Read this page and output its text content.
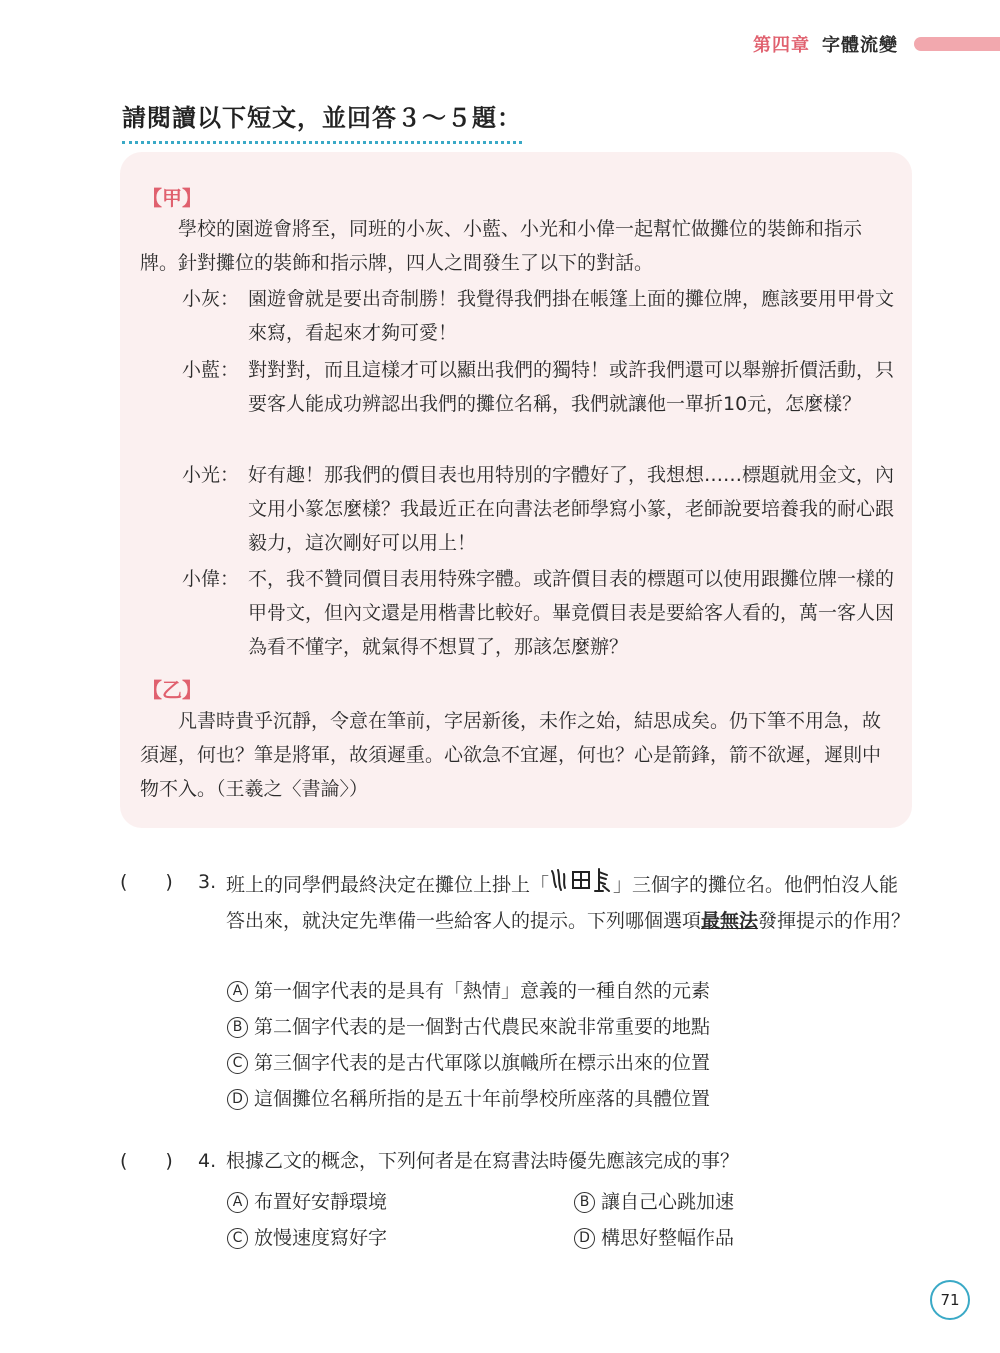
第四章 字體流變
請閱讀以下短文，並回答３～５題：
【甲】
學校的園遊會將至，同班的小灰、小藍、小光和小偉一起幫忙做攤位的裝飾和指示牌。針對攤位的裝飾和指示牌，四人之間發生了以下的對話。
小灰： 園遊會就是要出奇制勝！我覺得我們掛在帳篷上面的攤位牌，應該要用甲骨文來寫，看起來才夠可愛！
小藍： 對對對，而且這樣才可以顯出我們的獨特！或許我們還可以舉辦折價活動，只要客人能成功辨認出我們的攤位名稱，我們就讓他一單折10元，怎麼樣？
小光： 好有趣！那我們的價目表也用特別的字體好了，我想想……標題就用金文，內文用小篆怎麼樣？我最近正在向書法老師學寫小篆，老師說要培養我的耐心跟毅力，這次剛好可以用上！
小偉： 不，我不贊同價目表用特殊字體。或許價目表的標題可以使用跟攤位牌一樣的甲骨文，但內文還是用楷書比較好。畢竟價目表是要給客人看的，萬一客人因為看不懂字，就氣得不想買了，那該怎麼辦？
【乙】
凡書時貴乎沉靜，令意在筆前，字居新後，未作之始，結思成矣。仍下筆不用急，故須遲，何也？筆是將軍，故須遲重。心欲急不宜遲，何也？心是箭鋒，箭不欲遲，遲則中物不入。（王羲之〈書論〉）
(　　) 3. 班上的同學們最終決定在攤位上掛上「	」三個字的攤位名。他們怕沒人能答出來，就決定先準備一些給客人的提示。下列哪個選項最無法發揮提示的作用？
A 第一個字代表的是具有「熱情」意義的一種自然的元素
B 第二個字代表的是一個對古代農民來說非常重要的地點
C 第三個字代表的是古代軍隊以旗幟所在標示出來的位置
D 這個攤位名稱所指的是五十年前學校所座落的具體位置
(　　) 4. 根據乙文的概念，下列何者是在寫書法時優先應該完成的事？
A 布置好安靜環境	B 讓自己心跳加速
C 放慢速度寫好字	D 構思好整幅作品
71
